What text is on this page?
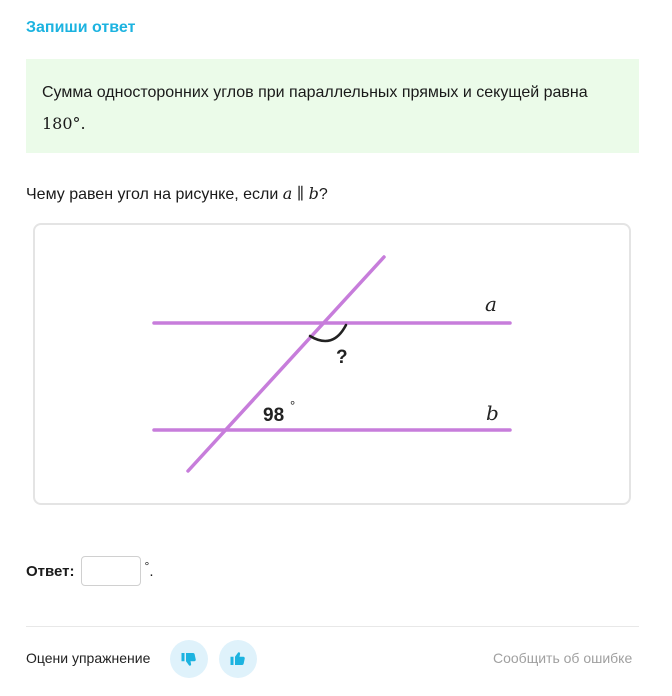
Запиши ответ
Сумма односторонних углов при параллельных прямых и секущей равна
180°.
Чему равен угол на рисунке, если a ∥ b?
?
98 °
a
b
Ответ:	°.
Оцени упражнение	Сообщить об ошибке
